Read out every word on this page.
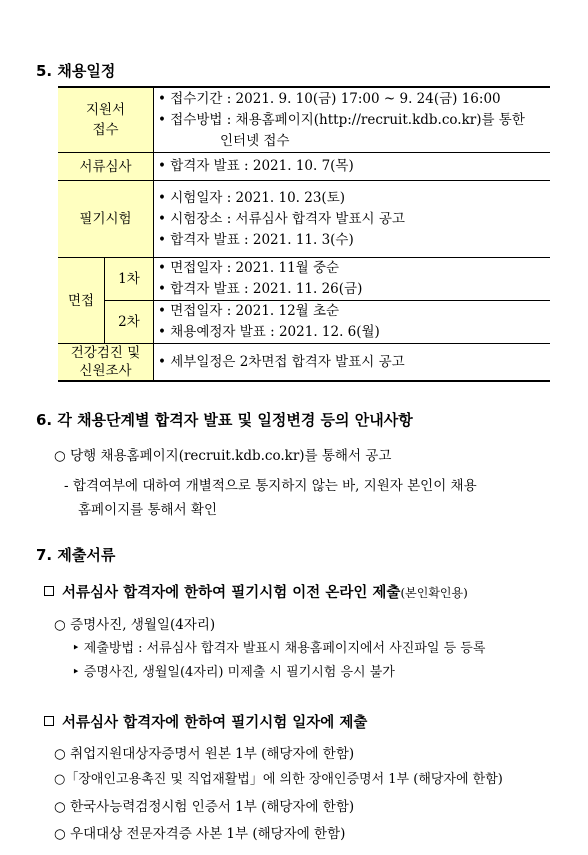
5. 채용일정
지원서
접수		• 접수기간 : 2021. 9. 10(금) 17:00 ~ 9. 24(금) 16:00
• 접수방법 : 채용홈페이지(http://recruit.kdb.co.kr)를 통한
인터넷 접수

서류심사		• 합격자 발표 : 2021. 10. 7(목)

필기시험		• 시험일자 : 2021. 10. 23(토)
• 시험장소 : 서류심사 합격자 발표시 공고
• 합격자 발표 : 2021. 11. 3(수)

면접	1차	• 면접일자 : 2021. 11월 중순
• 합격자 발표 : 2021. 11. 26(금)

	2차	• 면접일자 : 2021. 12월 초순
• 채용예정자 발표 : 2021. 12. 6(월)

건강검진 및
신원조사		• 세부일정은 2차면접 합격자 발표시 공고
6. 각 채용단계별 합격자 발표 및 일정변경 등의 안내사항
○ 당행 채용홈페이지(recruit.kdb.co.kr)를 통해서 공고
- 합격여부에 대하여 개별적으로 통지하지 않는 바, 지원자 본인이 채용
홈페이지를 통해서 확인
7. 제출서류
서류심사 합격자에 한하여 필기시험 이전 온라인 제출(본인확인용)
○ 증명사진, 생월일(4자리)
‣ 제출방법 : 서류심사 합격자 발표시 채용홈페이지에서 사진파일 등 등록
‣ 증명사진, 생월일(4자리) 미제출 시 필기시험 응시 불가
서류심사 합격자에 한하여 필기시험 일자에 제출
○ 취업지원대상자증명서 원본 1부 (해당자에 한함)
○「장애인고용촉진 및 직업재활법」에 의한 장애인증명서 1부 (해당자에 한함)
○ 한국사능력검정시험 인증서 1부 (해당자에 한함)
○ 우대대상 전문자격증 사본 1부 (해당자에 한함)
